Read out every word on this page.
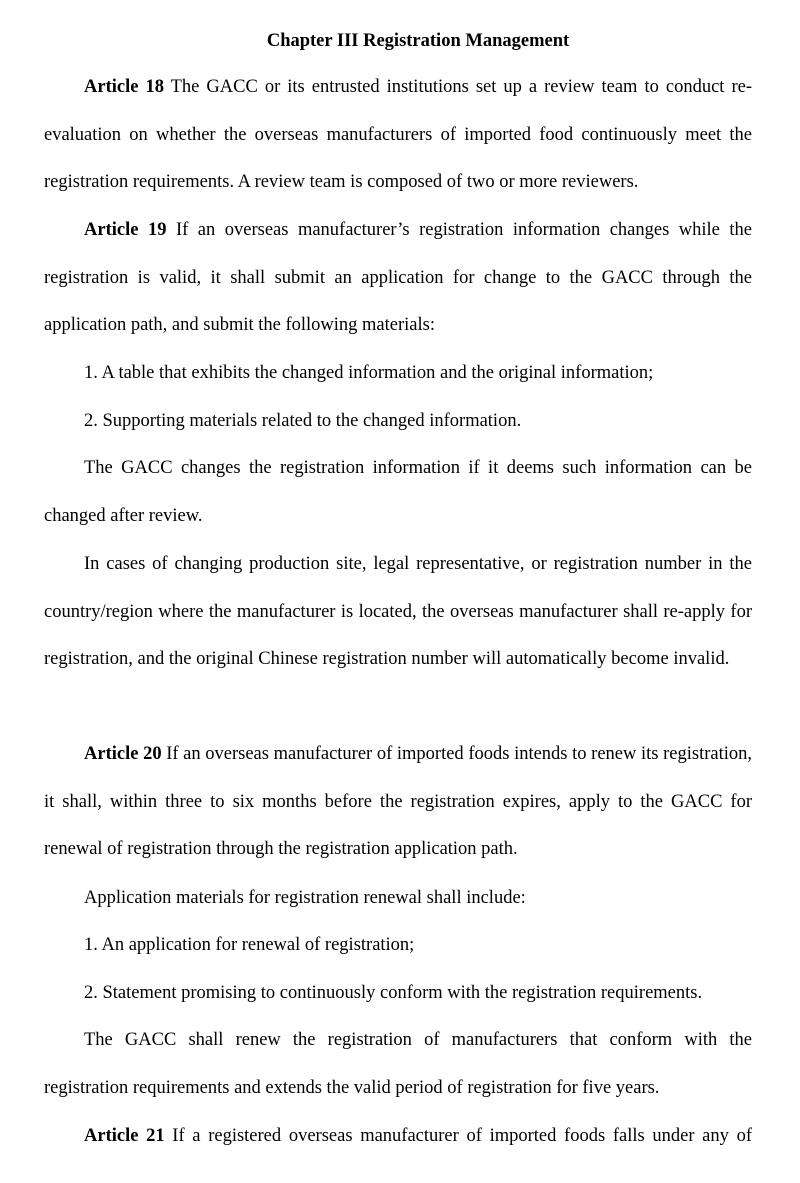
Chapter III Registration Management

Article 18 The GACC or its entrusted institutions set up a review team to conduct re-evaluation on whether the overseas manufacturers of imported food continuously meet the registration requirements. A review team is composed of two or more reviewers.

Article 19 If an overseas manufacturer’s registration information changes while the registration is valid, it shall submit an application for change to the GACC through the application path, and submit the following materials:

1. A table that exhibits the changed information and the original information;

2. Supporting materials related to the changed information.

The GACC changes the registration information if it deems such information can be changed after review.

In cases of changing production site, legal representative, or registration number in the country/region where the manufacturer is located, the overseas manufacturer shall re-apply for registration, and the original Chinese registration number will automatically become invalid.

Article 20 If an overseas manufacturer of imported foods intends to renew its registration, it shall, within three to six months before the registration expires, apply to the GACC for renewal of registration through the registration application path.

Application materials for registration renewal shall include:

1. An application for renewal of registration;

2. Statement promising to continuously conform with the registration requirements.

The GACC shall renew the registration of manufacturers that conform with the registration requirements and extends the valid period of registration for five years.

Article 21 If a registered overseas manufacturer of imported foods falls under any of
